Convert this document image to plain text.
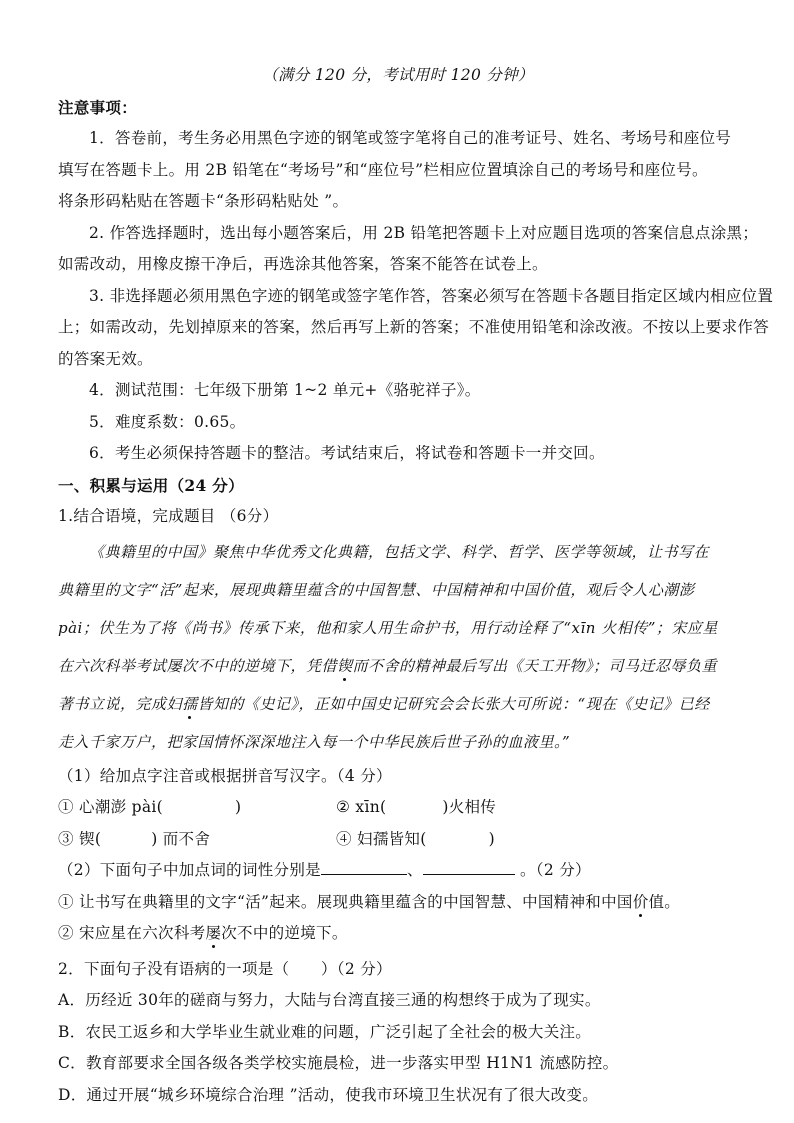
（满分 120 分，考试用时 120 分钟）
注意事项：
1．答卷前，考生务必用黑色字迹的钢笔或签字笔将自己的准考证号、姓名、考场号和座位号
填写在答题卡上。用 2B 铅笔在“考场号”和“座位号”栏相应位置填涂自己的考场号和座位号。
将条形码粘贴在答题卡“条形码粘贴处 ”。
2. 作答选择题时，选出每小题答案后，用 2B 铅笔把答题卡上对应题目选项的答案信息点涂黑；
如需改动，用橡皮擦干净后，再选涂其他答案，答案不能答在试卷上。
3. 非选择题必须用黑色字迹的钢笔或签字笔作答，答案必须写在答题卡各题目指定区域内相应位置
上；如需改动，先划掉原来的答案，然后再写上新的答案；不准使用铅笔和涂改液。不按以上要求作答
的答案无效。
4．测试范围：七年级下册第 1~2 单元+《骆驼祥子》。
5．难度系数：0.65。
6．考生必须保持答题卡的整洁。考试结束后，将试卷和答题卡一并交回。
一、积累与运用（24 分）
1.结合语境，完成题目 （6分）
《典籍里的中国》聚焦中华优秀文化典籍，包括文学、科学、哲学、医学等领域，让书写在
典籍里的文字“活”起来，展现典籍里蕴含的中国智慧、中国精神和中国价值，观后令人心潮澎
pài；伏生为了将《尚书》传承下来，他和家人用生命护书，用行动诠释了“xīn 火相传”；宋应星
在六次科举考试屡次不中的逆境下，凭借锲而不舍的精神最后写出《天工开物》；司马迁忍辱负重
著书立说，完成妇孺皆知的《史记》，正如中国史记研究会会长张大可所说：“现在《史记》已经
走入千家万户，把家国情怀深深地注入每一个中华民族后世子孙的血液里。”
（1）给加点字注音或根据拼音写汉字。（4 分）
① 心潮澎 pài(	)	② xīn(	)火相传
③ 锲(	) 而不舍	④ 妇孺皆知(	)
（2）下面句子中加点词的词性分别是	、	。（2 分）
① 让书写在典籍里的文字“活”起来。展现典籍里蕴含的中国智慧、中国精神和中国价值。
② 宋应星在六次科考屡次不中的逆境下。
2．下面句子没有语病的一项是（　　）（2 分）
A．历经近 30年的磋商与努力，大陆与台湾直接三通的构想终于成为了现实。
B．农民工返乡和大学毕业生就业难的问题，广泛引起了全社会的极大关注。
C．教育部要求全国各级各类学校实施晨检，进一步落实甲型 H1N1 流感防控。
D．通过开展“城乡环境综合治理 ”活动，使我市环境卫生状况有了很大改变。
